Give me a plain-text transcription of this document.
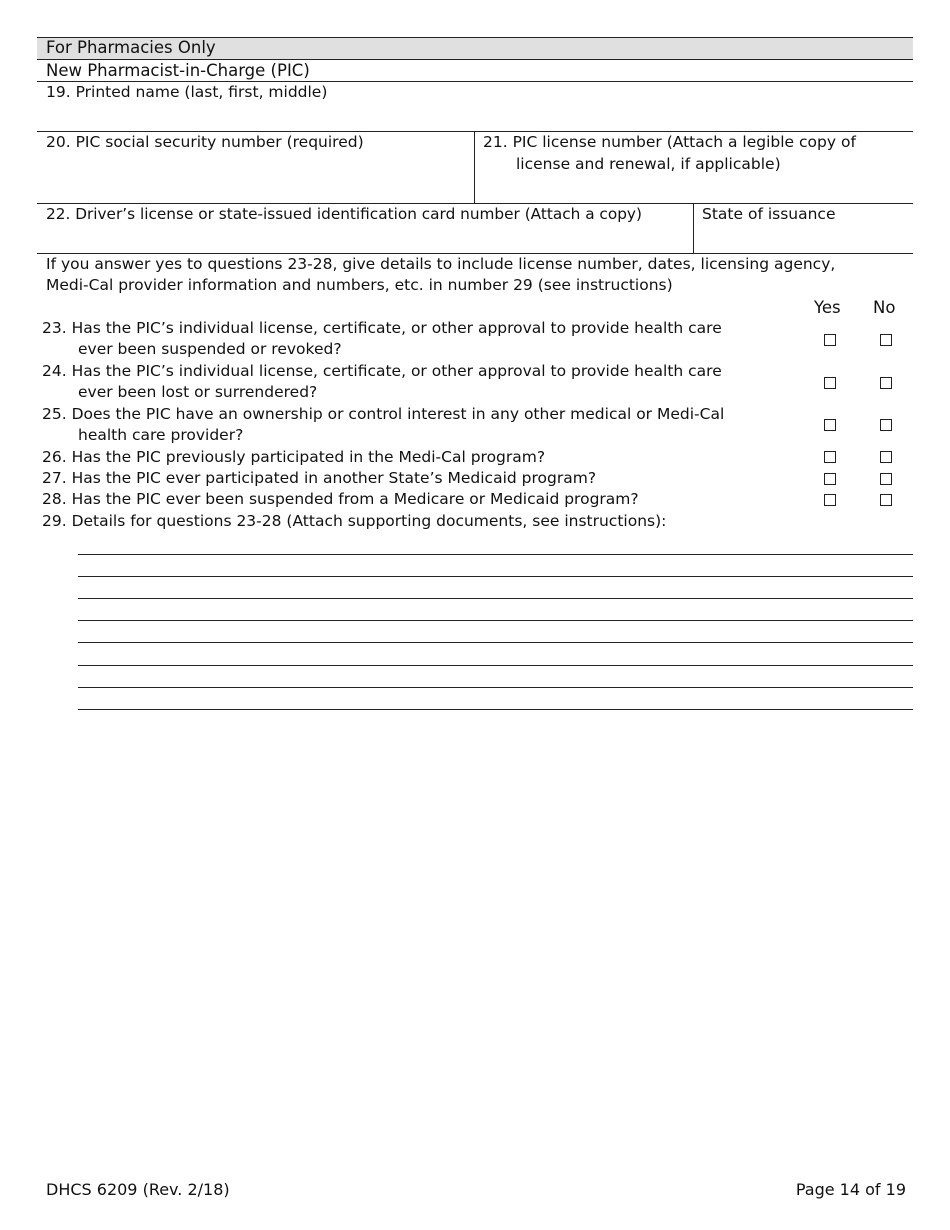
For Pharmacies Only
New Pharmacist-in-Charge (PIC)
19. Printed name (last, first, middle)
20. PIC social security number (required)	21. PIC license number (Attach a legible copy of
license and renewal, if applicable)
22. Driver’s license or state-issued identification card number (Attach a copy)	State of issuance
If you answer yes to questions 23-28, give details to include license number, dates, licensing agency,
Medi-Cal provider information and numbers, etc. in number 29 (see instructions)
Yes No
23. Has the PIC’s individual license, certificate, or other approval to provide health care
ever been suspended or revoked?
24. Has the PIC’s individual license, certificate, or other approval to provide health care
ever been lost or surrendered?
25. Does the PIC have an ownership or control interest in any other medical or Medi-Cal
health care provider?
26. Has the PIC previously participated in the Medi-Cal program?
27. Has the PIC ever participated in another State’s Medicaid program?
28. Has the PIC ever been suspended from a Medicare or Medicaid program?
29. Details for questions 23-28 (Attach supporting documents, see instructions):
DHCS 6209 (Rev. 2/18)	Page 14 of 19
